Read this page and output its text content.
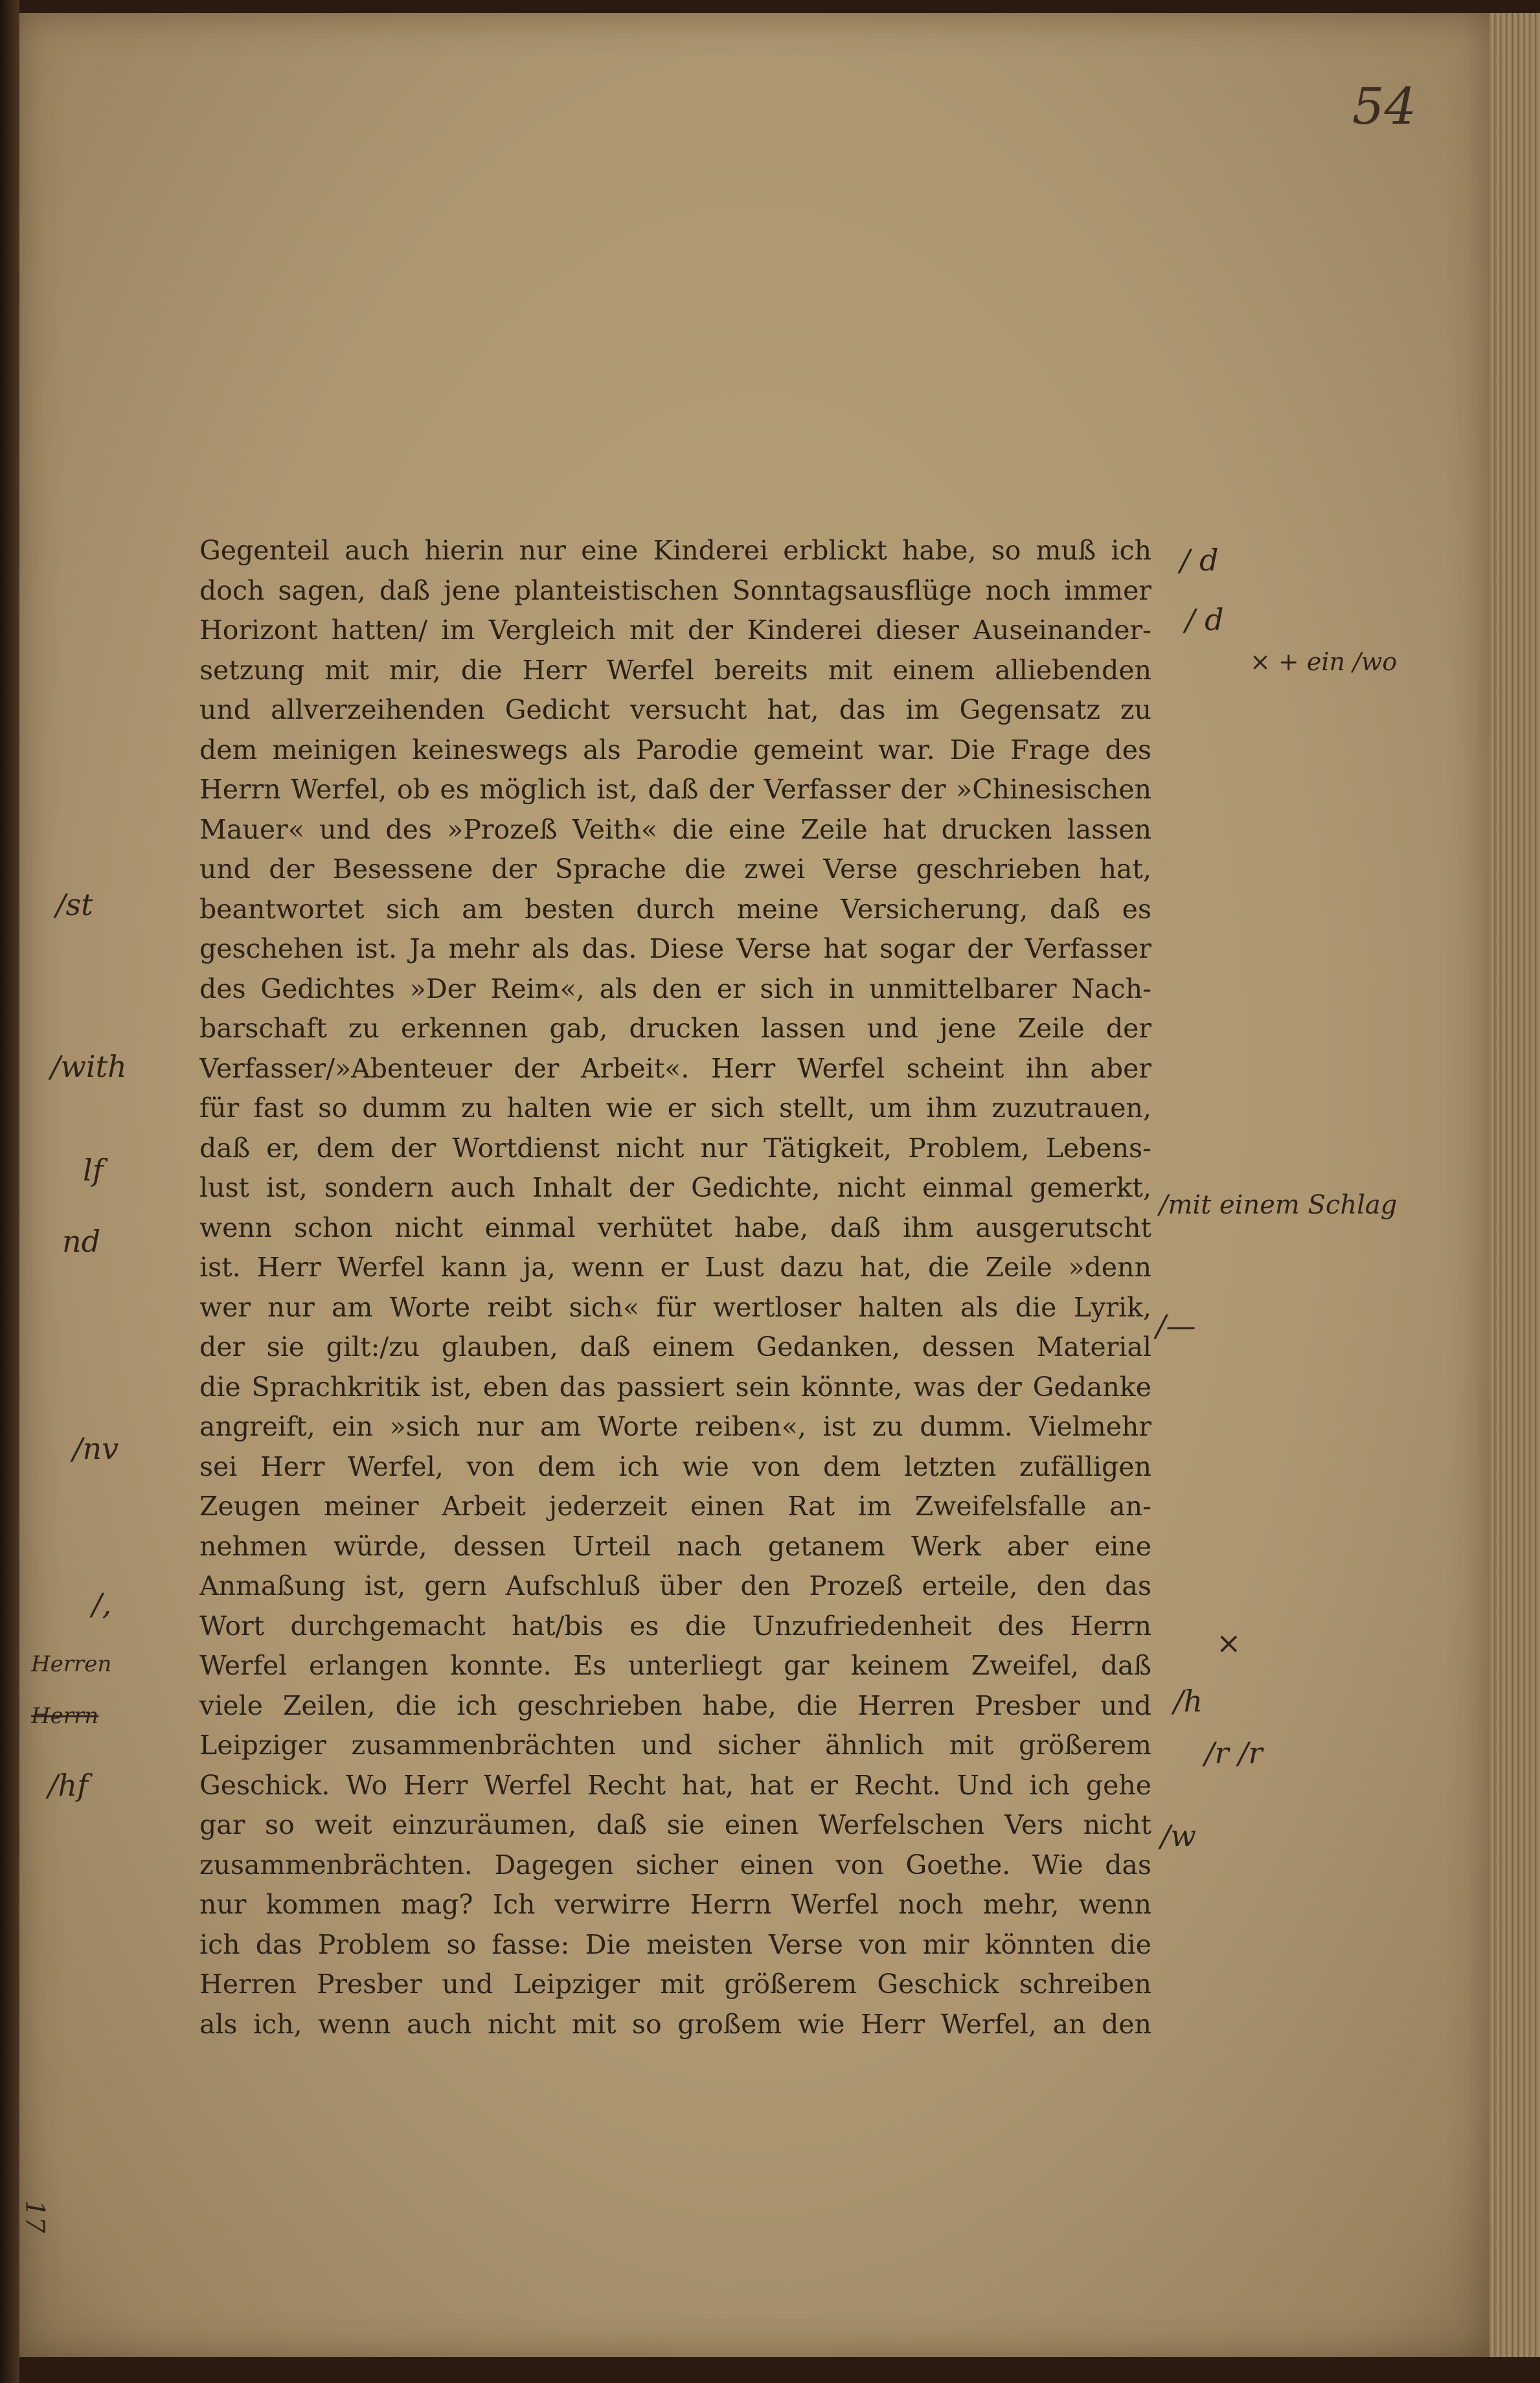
54
Gegenteil auch hierin nur eine Kinderei erblickt habe, so muß ich
doch sagen, daß jene planteistischen Sonntagsausflüge noch immer
Horizont hatten/ im Vergleich mit der Kinderei dieser Auseinander-
setzung mit mir, die Herr Werfel bereits mit einem alliebenden
und allverzeihenden Gedicht versucht hat, das im Gegensatz zu
dem meinigen keineswegs als Parodie gemeint war. Die Frage des
Herrn Werfel, ob es möglich ist, daß der Verfasser der »Chinesischen
Mauer« und des »Prozeß Veith« die eine Zeile hat drucken lassen
und der Besessene der Sprache die zwei Verse geschrieben hat,
beantwortet sich am besten durch meine Versicherung, daß es
geschehen ist. Ja mehr als das. Diese Verse hat sogar der Verfasser
des Gedichtes »Der Reim«, als den er sich in unmittelbarer Nach-
barschaft zu erkennen gab, drucken lassen und jene Zeile der
Verfasser/»Abenteuer der Arbeit«. Herr Werfel scheint ihn aber
für fast so dumm zu halten wie er sich stellt, um ihm zuzutrauen,
daß er, dem der Wortdienst nicht nur Tätigkeit, Problem, Lebens-
lust ist, sondern auch Inhalt der Gedichte, nicht einmal gemerkt,
wenn schon nicht einmal verhütet habe, daß ihm ausgerutscht
ist. Herr Werfel kann ja, wenn er Lust dazu hat, die Zeile »denn
wer nur am Worte reibt sich« für wertloser halten als die Lyrik,
der sie gilt:/zu glauben, daß einem Gedanken, dessen Material
die Sprachkritik ist, eben das passiert sein könnte, was der Gedanke
angreift, ein »sich nur am Worte reiben«, ist zu dumm. Vielmehr
sei Herr Werfel, von dem ich wie von dem letzten zufälligen
Zeugen meiner Arbeit jederzeit einen Rat im Zweifelsfalle an-
nehmen würde, dessen Urteil nach getanem Werk aber eine
Anmaßung ist, gern Aufschluß über den Prozeß erteile, den das
Wort durchgemacht hat/bis es die Unzufriedenheit des Herrn
Werfel erlangen konnte. Es unterliegt gar keinem Zweifel, daß
viele Zeilen, die ich geschrieben habe, die Herren Presber und
Leipziger zusammenbrächten und sicher ähnlich mit größerem
Geschick. Wo Herr Werfel Recht hat, hat er Recht. Und ich gehe
gar so weit einzuräumen, daß sie einen Werfelschen Vers nicht
zusammenbrächten. Dagegen sicher einen von Goethe. Wie das
nur kommen mag? Ich verwirre Herrn Werfel noch mehr, wenn
ich das Problem so fasse: Die meisten Verse von mir könnten die
Herren Presber und Leipziger mit größerem Geschick schreiben
als ich, wenn auch nicht mit so großem wie Herr Werfel, an den
/ d
/ d
× + ein /wo
/mit einem Schlag
/—
×
/h
/r /r
/w
/st
/with
lf
nd
/nv
/,
Herren
Herrn
/hf
17
